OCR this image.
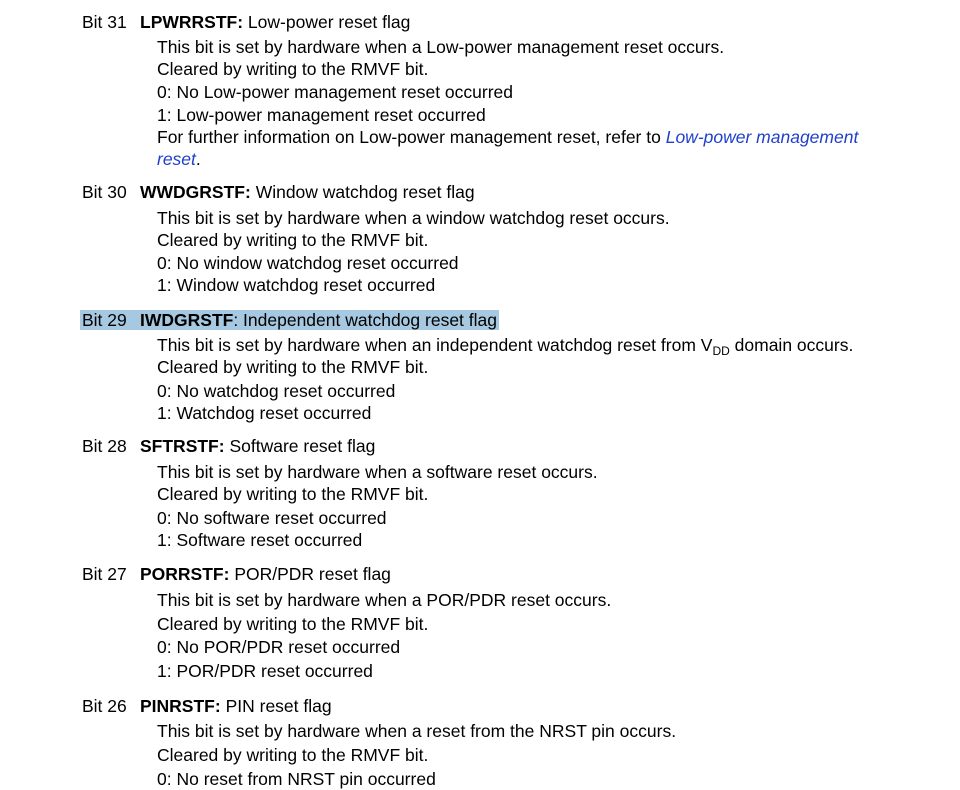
Bit 31 LPWRRSTF: Low-power reset flag
This bit is set by hardware when a Low-power management reset occurs.
Cleared by writing to the RMVF bit.
0: No Low-power management reset occurred
1: Low-power management reset occurred
For further information on Low-power management reset, refer to Low-power management
reset.
Bit 30 WWDGRSTF: Window watchdog reset flag
This bit is set by hardware when a window watchdog reset occurs.
Cleared by writing to the RMVF bit.
0: No window watchdog reset occurred
1: Window watchdog reset occurred
Bit 29 IWDGRSTF: Independent watchdog reset flag
This bit is set by hardware when an independent watchdog reset from $V_{DD}$ domain occurs.
Cleared by writing to the RMVF bit.
0: No watchdog reset occurred
1: Watchdog reset occurred
Bit 28 SFTRSTF: Software reset flag
This bit is set by hardware when a software reset occurs.
Cleared by writing to the RMVF bit.
0: No software reset occurred
1: Software reset occurred
Bit 27 PORRSTF: POR/PDR reset flag
This bit is set by hardware when a POR/PDR reset occurs.
Cleared by writing to the RMVF bit.
0: No POR/PDR reset occurred
1: POR/PDR reset occurred
Bit 26 PINRSTF: PIN reset flag
This bit is set by hardware when a reset from the NRST pin occurs.
Cleared by writing to the RMVF bit.
0: No reset from NRST pin occurred
